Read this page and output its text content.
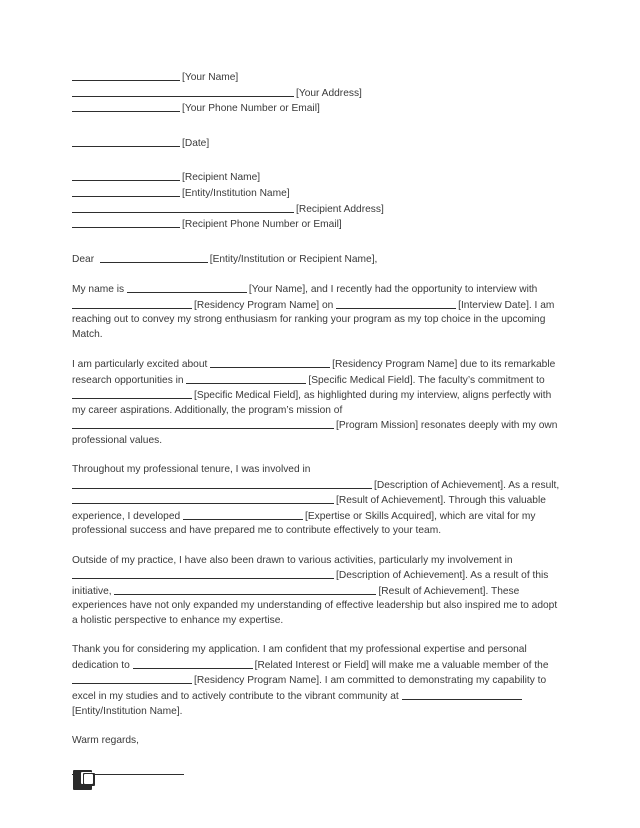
[Your Name]
[Your Address]
[Your Phone Number or Email]
[Date]
[Recipient Name]
[Entity/Institution Name]
[Recipient Address]
[Recipient Phone Number or Email]
Dear	[Entity/Institution or Recipient Name],
My name is	[Your Name], and I recently had the opportunity to interview with [Residency Program Name] on	[Interview Date]. I am reaching out to convey my strong enthusiasm for ranking your program as my top choice in the upcoming Match.
I am particularly excited about	[Residency Program Name] due to its remarkable research opportunities in	[Specific Medical Field]. The faculty’s commitment to [Specific Medical Field], as highlighted during my interview, aligns perfectly with my career aspirations. Additionally, the program’s mission of [Program Mission] resonates deeply with my own professional values.
Throughout my professional tenure, I was involved in [Description of Achievement]. As a result, [Result of Achievement]. Through this valuable experience, I developed	[Expertise or Skills Acquired], which are vital for my professional success and have prepared me to contribute effectively to your team.
Outside of my practice, I have also been drawn to various activities, particularly my involvement in [Description of Achievement]. As a result of this initiative,	[Result of Achievement]. These experiences have not only expanded my understanding of effective leadership but also inspired me to adopt a holistic perspective to enhance my expertise.
Thank you for considering my application. I am confident that my professional expertise and personal dedication to	[Related Interest or Field] will make me a valuable member of the [Residency Program Name]. I am committed to demonstrating my capability to excel in my studies and to actively contribute to the vibrant community at [Entity/Institution Name].
Warm regards,
